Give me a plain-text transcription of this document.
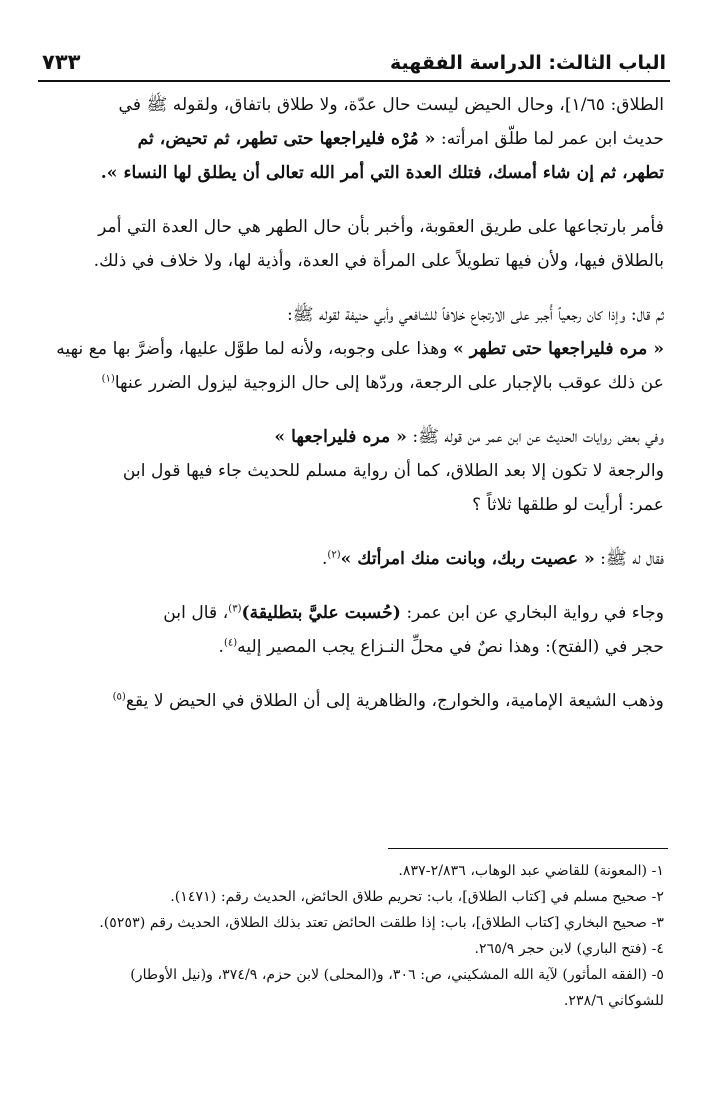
الباب الثالث: الدراسة الفقهية
٧٣٣

الطلاق: ١/٦٥]، وحال الحيض ليست حال عدّة، ولا طلاق باتفاق، ولقوله ﷺ في
حديث ابن عمر لما طلّق امرأته: « مُرْه فليراجعها حتى تطهر، ثم تحيض، ثم
تطهر، ثم إن شاء أمسك، فتلك العدة التي أمر الله تعالى أن يطلق لها النساء ».

فأمر بارتجاعها على طريق العقوبة، وأخبر بأن حال الطهر هي حال العدة التي أمر
بالطلاق فيها، ولأن فيها تطويلاً على المرأة في العدة، وأذية لها، ولا خلاف في ذلك.

ثم قال: وإذا كان رجعياً أُجبر على الارتجاع خلافاً للشافعي وأبي حنيفة لقوله ﷺ:
« مره فليراجعها حتى تطهر » وهذا على وجوبه، ولأنه لما طوَّل عليها، وأضرَّ بها مع نهيه
عن ذلك عوقب بالإجبار على الرجعة، وردّها إلى حال الزوجية ليزول الضرر عنها$^{(١)}$

وفي بعض روايات الحديث عن ابن عمر من قوله ﷺ: « مره فليراجعها »
والرجعة لا تكون إلا بعد الطلاق، كما أن رواية مسلم للحديث جاء فيها قول ابن
عمر: أرأيت لو طلقها ثلاثاً ؟

فقال له ﷺ: « عصيت ربك، وبانت منك امرأتك »$^{(٢)}$.

وجاء في رواية البخاري عن ابن عمر: (حُسبت عليَّ بتطليقة)$^{(٣)}$، قال ابن
حجر في (الفتح): وهذا نصٌ في محلِّ النـزاع يجب المصير إليه$^{(٤)}$.

وذهب الشيعة الإمامية، والخوارج، والظاهرية إلى أن الطلاق في الحيض لا يقع$^{(٥)}$

١- (المعونة) للقاضي عبد الوهاب، ٢/٨٣٦-٨٣٧.
٢- صحيح مسلم في [كتاب الطلاق]، باب: تحريم طلاق الحائض، الحديث رقم: (١٤٧١).
٣- صحيح البخاري [كتاب الطلاق]، باب: إذا طلقت الحائض تعتد بذلك الطلاق، الحديث رقم (٥٢٥٣).
٤- (فتح الباري) لابن حجر ٢٦٥/٩.
٥- (الفقه المأثور) لآية الله المشكيني، ص: ٣٠٦، و(المحلى) لابن حزم، ٣٧٤/٩، و(نيل الأوطار)
للشوكاني ٢٣٨/٦.
